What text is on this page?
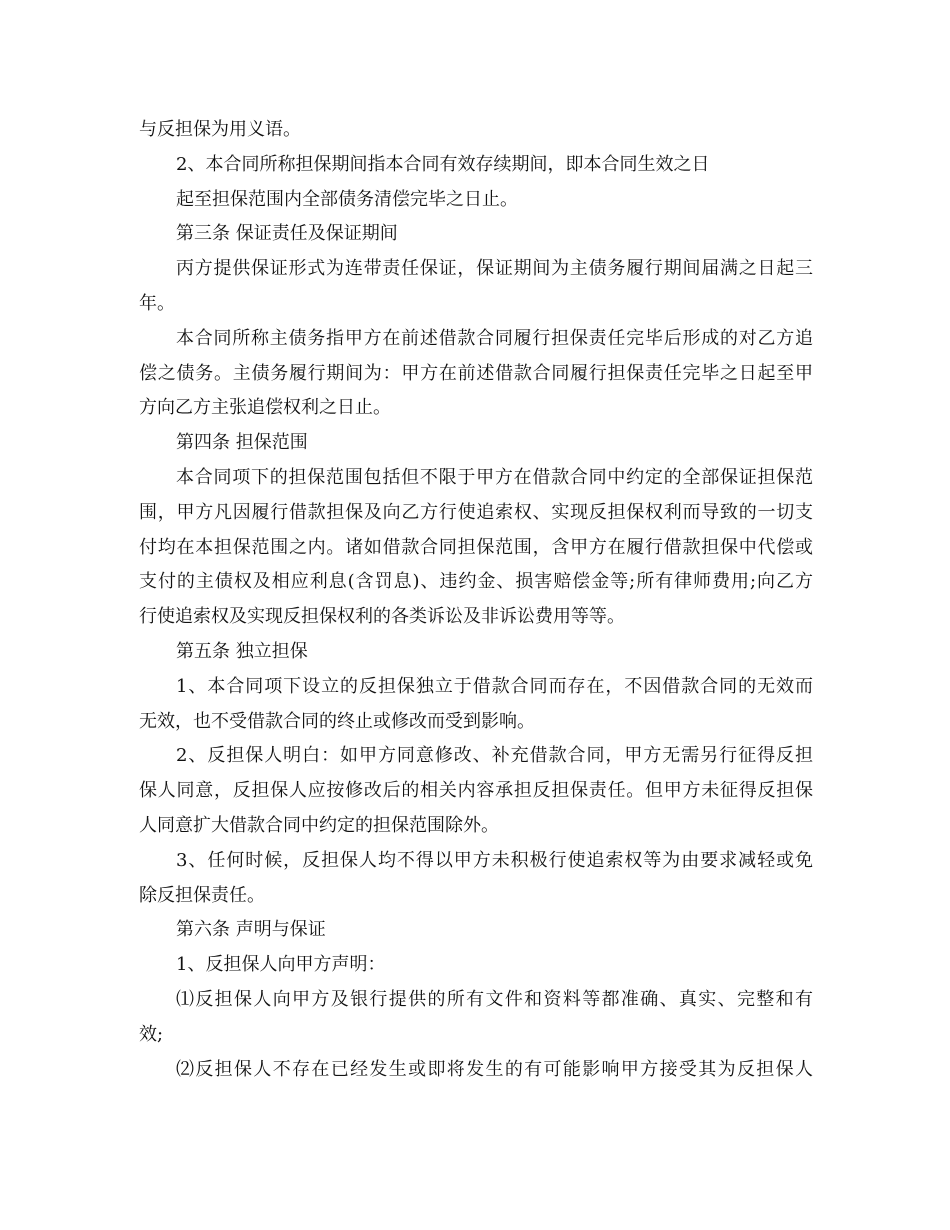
与反担保为用义语。
2、本合同所称担保期间指本合同有效存续期间，即本合同生效之日
起至担保范围内全部债务清偿完毕之日止。
第三条 保证责任及保证期间
丙方提供保证形式为连带责任保证，保证期间为主债务履行期间届满之日起三
年。
本合同所称主债务指甲方在前述借款合同履行担保责任完毕后形成的对乙方追
偿之债务。主债务履行期间为：甲方在前述借款合同履行担保责任完毕之日起至甲
方向乙方主张追偿权利之日止。
第四条 担保范围
本合同项下的担保范围包括但不限于甲方在借款合同中约定的全部保证担保范
围，甲方凡因履行借款担保及向乙方行使追索权、实现反担保权利而导致的一切支
付均在本担保范围之内。诸如借款合同担保范围，含甲方在履行借款担保中代偿或
支付的主债权及相应利息(含罚息)、违约金、损害赔偿金等;所有律师费用;向乙方
行使追索权及实现反担保权利的各类诉讼及非诉讼费用等等。
第五条 独立担保
1、本合同项下设立的反担保独立于借款合同而存在，不因借款合同的无效而
无效，也不受借款合同的终止或修改而受到影响。
2、反担保人明白：如甲方同意修改、补充借款合同，甲方无需另行征得反担
保人同意，反担保人应按修改后的相关内容承担反担保责任。但甲方未征得反担保
人同意扩大借款合同中约定的担保范围除外。
3、任何时候，反担保人均不得以甲方未积极行使追索权等为由要求减轻或免
除反担保责任。
第六条 声明与保证
1、反担保人向甲方声明：
⑴反担保人向甲方及银行提供的所有文件和资料等都准确、真实、完整和有
效;
⑵反担保人不存在已经发生或即将发生的有可能影响甲方接受其为反担保人
